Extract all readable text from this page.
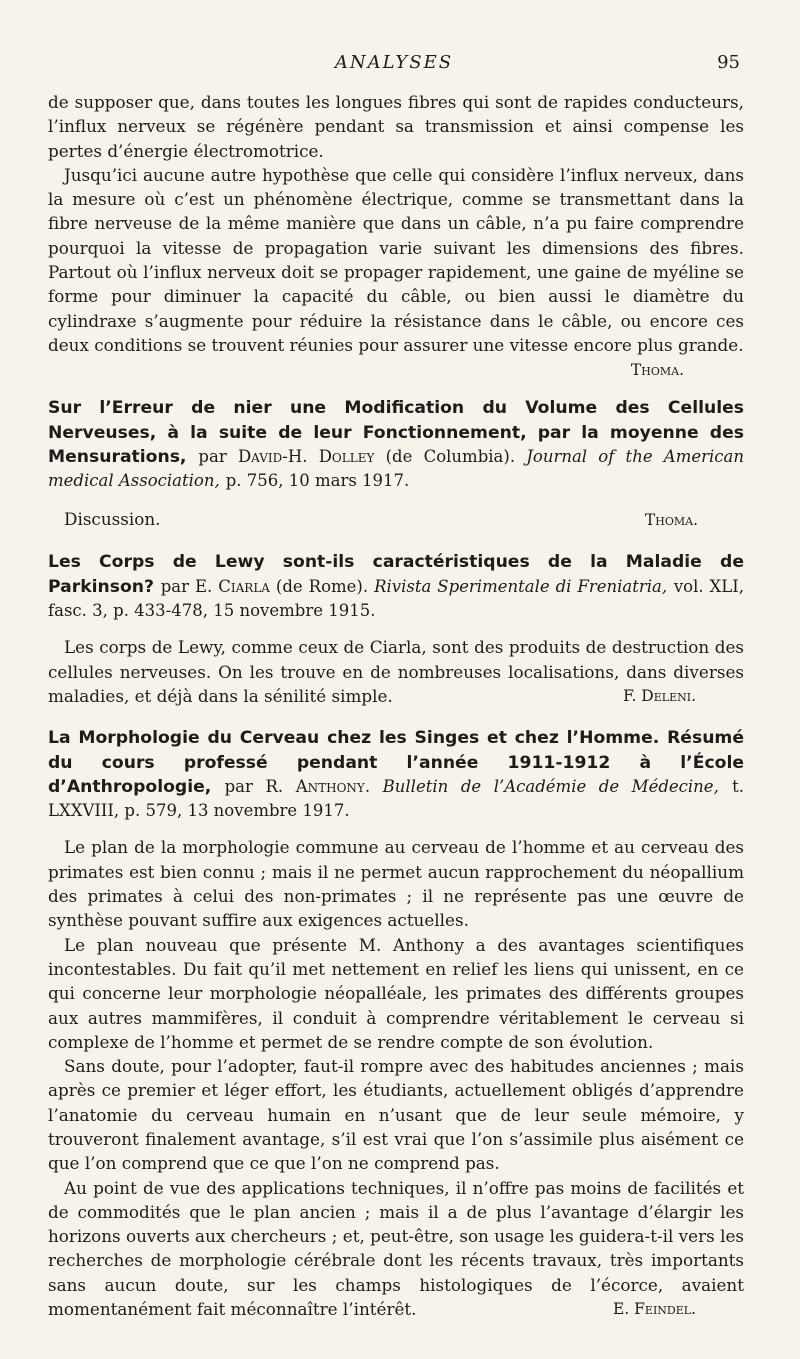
ANALYSES	95

de supposer que, dans toutes les longues fibres qui sont de rapides conducteurs, l’influx nerveux se régénère pendant sa transmission et ainsi compense les pertes d’énergie électromotrice.

Jusqu’ici aucune autre hypothèse que celle qui considère l’influx nerveux, dans la mesure où c’est un phénomène électrique, comme se transmettant dans la fibre nerveuse de la même manière que dans un câble, n’a pu faire comprendre pourquoi la vitesse de propagation varie suivant les dimensions des fibres. Partout où l’influx nerveux doit se propager rapidement, une gaine de myéline se forme pour diminuer la capacité du câble, ou bien aussi le diamètre du cylindraxe s’augmente pour réduire la résistance dans le câble, ou encore ces deux conditions se trouvent réunies pour assurer une vitesse encore plus grande.

Thoma.
Sur l’Erreur de nier une Modification du Volume des Cellules Nerveuses, à la suite de leur Fonctionnement, par la moyenne des Mensurations, par David-H. Dolley (de Columbia). Journal of the American medical Association, p. 756, 10 mars 1917.
Discussion.	Thoma.
Les Corps de Lewy sont-ils caractéristiques de la Maladie de Parkinson? par E. Ciarla (de Rome). Rivista Sperimentale di Freniatria, vol. XLI, fasc. 3, p. 433-478, 15 novembre 1915.

Les corps de Lewy, comme ceux de Ciarla, sont des produits de destruction des cellules nerveuses. On les trouve en de nombreuses localisations, dans diverses maladies, et déjà dans la sénilité simple.	F. Deleni.

La Morphologie du Cerveau chez les Singes et chez l’Homme. Résumé du cours professé pendant l’année 1911-1912 à l’École d’Anthropologie, par R. Anthony. Bulletin de l’Académie de Médecine, t. LXXVIII, p. 579, 13 novembre 1917.

Le plan de la morphologie commune au cerveau de l’homme et au cerveau des primates est bien connu ; mais il ne permet aucun rapprochement du néopallium des primates à celui des non-primates ; il ne représente pas une œuvre de synthèse pouvant suffire aux exigences actuelles.

Le plan nouveau que présente M. Anthony a des avantages scientifiques incontestables. Du fait qu’il met nettement en relief les liens qui unissent, en ce qui concerne leur morphologie néopalléale, les primates des différents groupes aux autres mammifères, il conduit à comprendre véritablement le cerveau si complexe de l’homme et permet de se rendre compte de son évolution.

Sans doute, pour l’adopter, faut-il rompre avec des habitudes anciennes ; mais après ce premier et léger effort, les étudiants, actuellement obligés d’apprendre l’anatomie du cerveau humain en n’usant que de leur seule mémoire, y trouveront finalement avantage, s’il est vrai que l’on s’assimile plus aisément ce que l’on comprend que ce que l’on ne comprend pas.

Au point de vue des applications techniques, il n’offre pas moins de facilités et de commodités que le plan ancien ; mais il a de plus l’avantage d’élargir les horizons ouverts aux chercheurs ; et, peut-être, son usage les guidera-t-il vers les recherches de morphologie cérébrale dont les récents travaux, très importants sans aucun doute, sur les champs histologiques de l’écorce, avaient momentanément fait méconnaître l’intérêt.	E. Feindel.
